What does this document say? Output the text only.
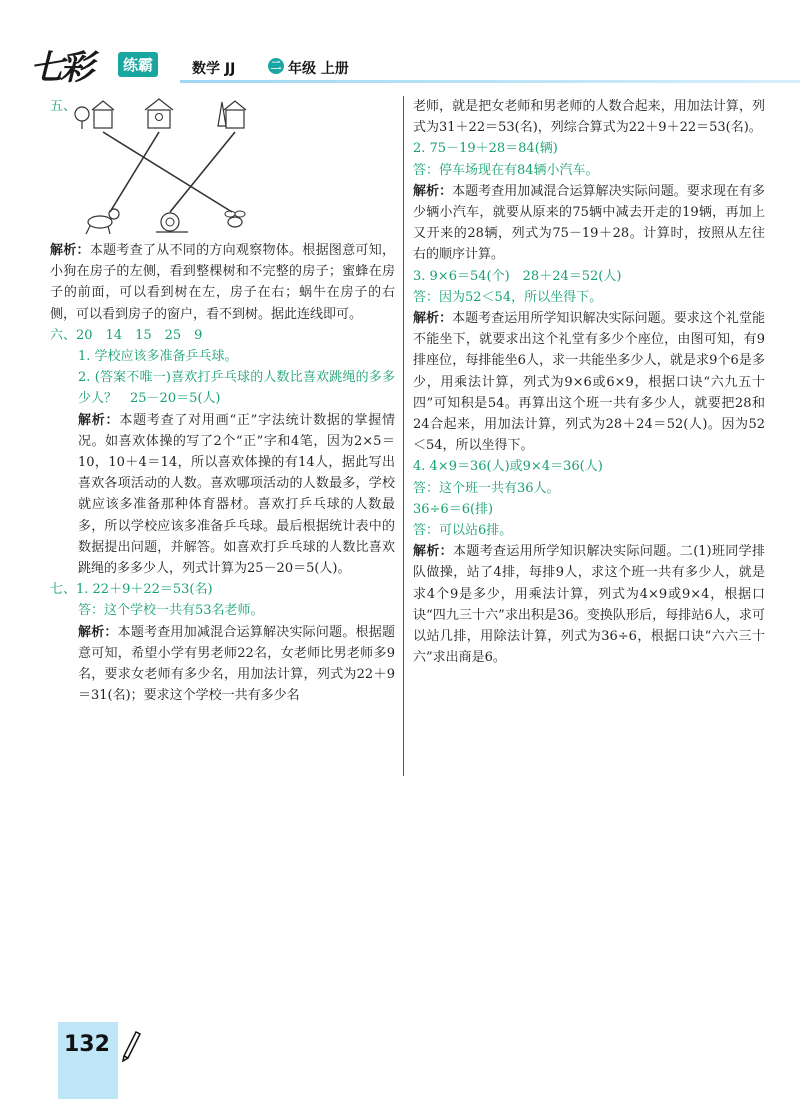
七彩	练霸	数学 JJ	二 年级 上册
五、

解析：本题考查了从不同的方向观察物体。根据图意可知，小狗在房子的左侧，看到整棵树和不完整的房子；蜜蜂在房子的前面，可以看到树在左，房子在右；蜗牛在房子的右侧，可以看到房子的窗户，看不到树。据此连线即可。

六、20　14　15　25　9

1. 学校应该多准备乒乓球。

2. (答案不唯一)喜欢打乒乓球的人数比喜欢跳绳的多多少人？　25－20＝5(人)

解析：本题考查了对用画“正”字法统计数据的掌握情况。如喜欢体操的写了2个“正”字和4笔，因为2×5＝10，10＋4＝14，所以喜欢体操的有14人，据此写出喜欢各项活动的人数。喜欢哪项活动的人数最多，学校就应该多准备那种体育器材。喜欢打乒乓球的人数最多，所以学校应该多准备乒乓球。最后根据统计表中的数据提出问题，并解答。如喜欢打乒乓球的人数比喜欢跳绳的多多少人，列式计算为25－20＝5(人)。

七、1. 22＋9＋22＝53(名)

答：这个学校一共有53名老师。

解析：本题考查用加减混合运算解决实际问题。根据题意可知，希望小学有男老师22名，女老师比男老师多9名，要求女老师有多少名，用加法计算，列式为22＋9＝31(名)；要求这个学校一共有多少名

老师，就是把女老师和男老师的人数合起来，用加法计算，列式为31＋22＝53(名)，列综合算式为22＋9＋22＝53(名)。

2. 75－19＋28＝84(辆)

答：停车场现在有84辆小汽车。

解析：本题考查用加减混合运算解决实际问题。要求现在有多少辆小汽车，就要从原来的75辆中减去开走的19辆，再加上又开来的28辆，列式为75－19＋28。计算时，按照从左往右的顺序计算。

3. 9×6＝54(个)　28＋24＝52(人)

答：因为52＜54，所以坐得下。

解析：本题考查运用所学知识解决实际问题。要求这个礼堂能不能坐下，就要求出这个礼堂有多少个座位，由图可知，有9排座位，每排能坐6人，求一共能坐多少人，就是求9个6是多少，用乘法计算，列式为9×6或6×9，根据口诀“六九五十四”可知积是54。再算出这个班一共有多少人，就要把28和24合起来，用加法计算，列式为28＋24＝52(人)。因为52＜54，所以坐得下。

4. 4×9＝36(人)或9×4＝36(人)

答：这个班一共有36人。

36÷6＝6(排)

答：可以站6排。

解析：本题考查运用所学知识解决实际问题。二(1)班同学排队做操，站了4排，每排9人，求这个班一共有多少人，就是求4个9是多少，用乘法计算，列式为4×9或9×4，根据口诀“四九三十六”求出积是36。变换队形后，每排站6人，求可以站几排，用除法计算，列式为36÷6，根据口诀“六六三十六”求出商是6。

132
